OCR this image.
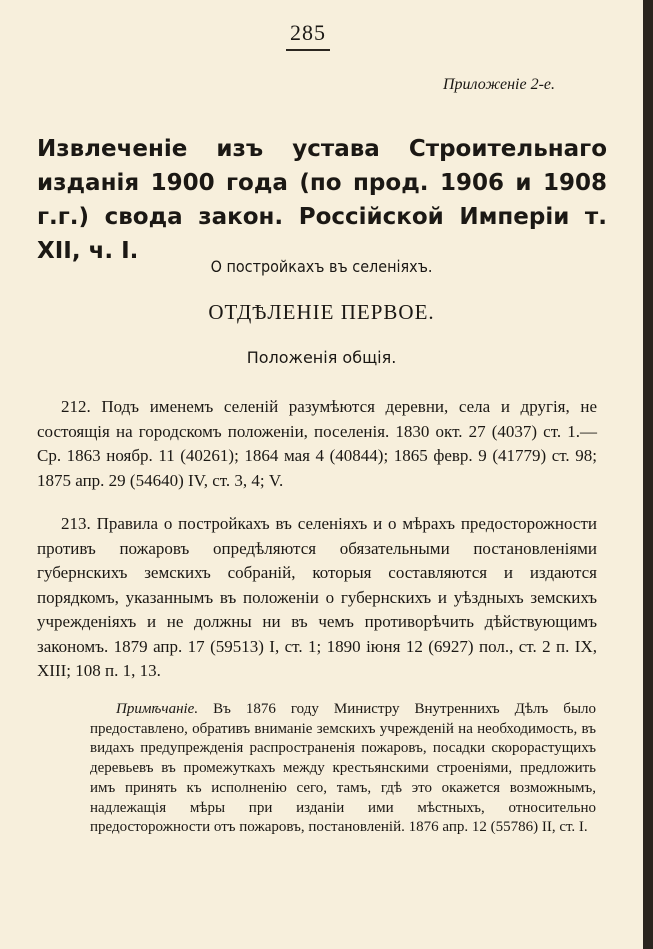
285
Приложеніе 2-е.
Извлеченіе изъ устава Строительнаго изданія 1900 года (по прод. 1906 и 1908 г.г.) свода закон. Россійской Имперіи т. XII, ч. I.
О постройкахъ въ селеніяхъ.
ОТДѢЛЕНІЕ ПЕРВОЕ.
Положенія общія.
212. Подъ именемъ селеній разумѣются деревни, села и другія, не состоящія на городскомъ положеніи, поселенія. 1830 окт. 27 (4037) ст. 1.—Ср. 1863 ноябр. 11 (40261); 1864 мая 4 (40844); 1865 февр. 9 (41779) ст. 98; 1875 апр. 29 (54640) IV, ст. 3, 4; V.
213. Правила о постройкахъ въ селеніяхъ и о мѣрахъ предосторожности противъ пожаровъ опредѣляются обязательными постановленіями губернскихъ земскихъ собраній, которыя составляются и издаются порядкомъ, указаннымъ въ положеніи о губернскихъ и уѣздныхъ земскихъ учрежденіяхъ и не должны ни въ чемъ противорѣчить дѣйствующимъ закономъ. 1879 апр. 17 (59513) I, ст. 1; 1890 іюня 12 (6927) пол., ст. 2 п. IX, XIII; 108 п. 1, 13.
Примѣчаніе. Въ 1876 году Министру Внутреннихъ Дѣлъ было предоставлено, обративъ вниманіе земскихъ учрежденій на необходимость, въ видахъ предупрежденія распространенія пожаровъ, посадки скорорастущихъ деревьевъ въ промежуткахъ между крестьянскими строеніями, предложить имъ принять къ исполненію сего, тамъ, гдѣ это окажется возможнымъ, надлежащія мѣры при изданіи ими мѣстныхъ, относительно предосторожности отъ пожаровъ, постановленій. 1876 апр. 12 (55786) II, ст. I.
